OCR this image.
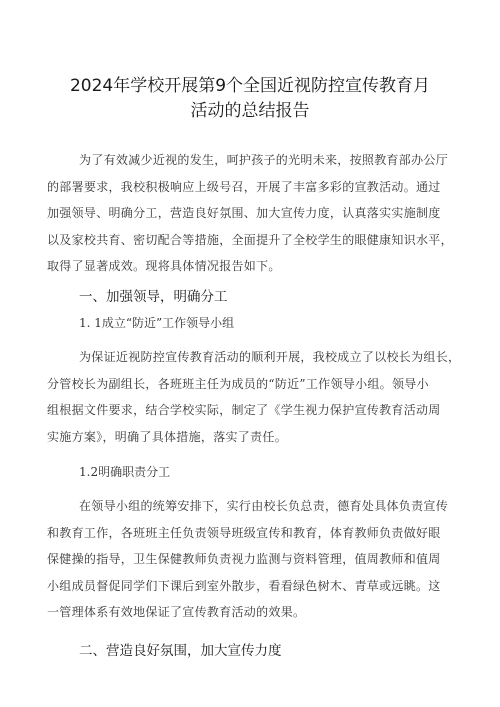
2024年学校开展第9个全国近视防控宣传教育月
活动的总结报告
为了有效减少近视的发生，呵护孩子的光明未来，按照教育部办公厅
的部署要求，我校积极响应上级号召，开展了丰富多彩的宣教活动。通过
加强领导、明确分工，营造良好氛围、加大宣传力度，认真落实实施制度
以及家校共育、密切配合等措施，全面提升了全校学生的眼健康知识水平，
取得了显著成效。现将具体情况报告如下。
一、加强领导，明确分工
1. 1成立“防近”工作领导小组
为保证近视防控宣传教育活动的顺利开展，我校成立了以校长为组长，
分管校长为副组长，各班班主任为成员的“防近”工作领导小组。领导小
组根据文件要求，结合学校实际，制定了《学生视力保护宣传教育活动周
实施方案》，明确了具体措施，落实了责任。
1.2明确职责分工
在领导小组的统筹安排下，实行由校长负总责，德育处具体负责宣传
和教育工作，各班班主任负责领导班级宣传和教育，体育教师负责做好眼
保健操的指导，卫生保健教师负责视力监测与资料管理，值周教师和值周
小组成员督促同学们下课后到室外散步，看看绿色树木、青草或远眺。这
一管理体系有效地保证了宣传教育活动的效果。
二、营造良好氛围，加大宣传力度
